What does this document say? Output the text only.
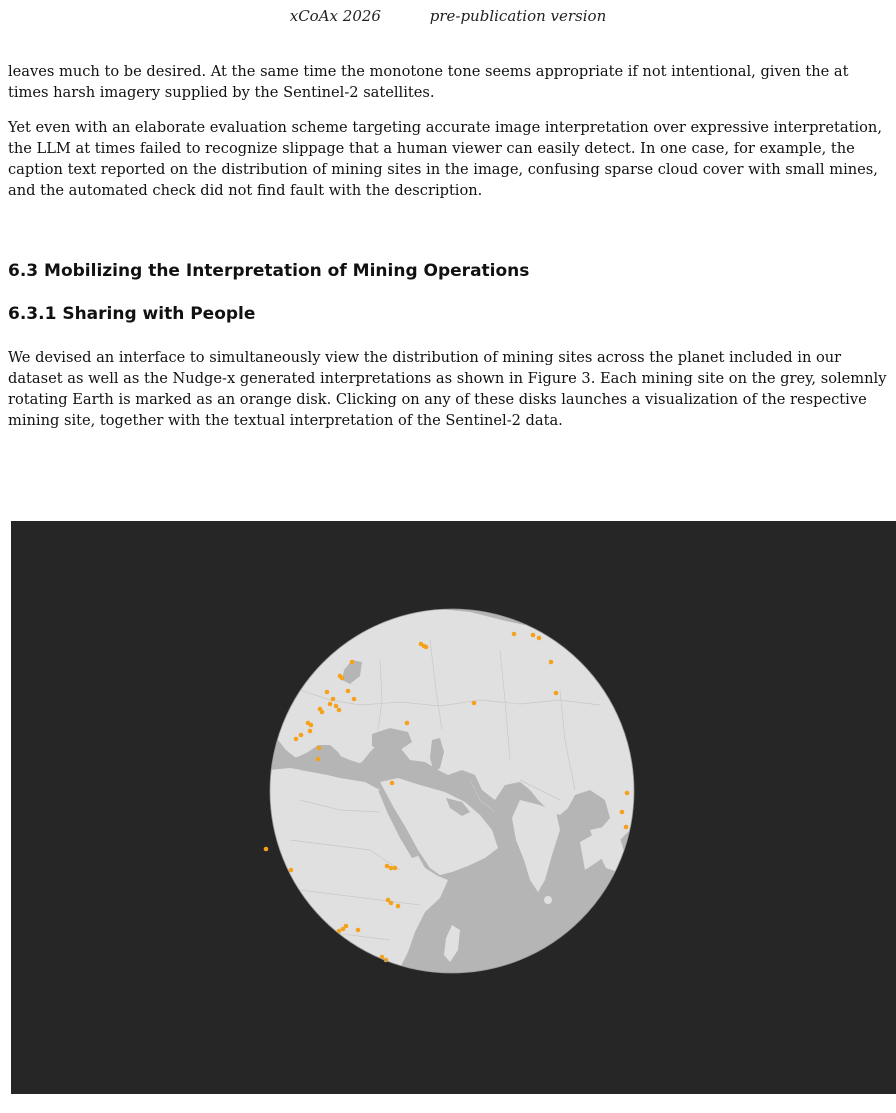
xCoAx 2026	pre-publication version

leaves much to be desired. At the same time the monotone tone seems appropriate if not intentional, given the at times harsh imagery supplied by the Sentinel-2 satellites.

Yet even with an elaborate evaluation scheme targeting accurate image interpretation over expressive interpretation, the LLM at times failed to recognize slippage that a human viewer can easily detect. In one case, for example, the caption text reported on the distribution of mining sites in the image, confusing sparse cloud cover with small mines, and the automated check did not find fault with the description.

6.3 Mobilizing the Interpretation of Mining Operations
6.3.1 Sharing with People

We devised an interface to simultaneously view the distribution of mining sites across the planet included in our dataset as well as the Nudge-x generated interpretations as shown in Figure 3. Each mining site on the grey, solemnly rotating Earth is marked as an orange disk. Clicking on any of these disks launches a visualization of the respective mining site, together with the textual interpretation of the Sentinel-2 data.
